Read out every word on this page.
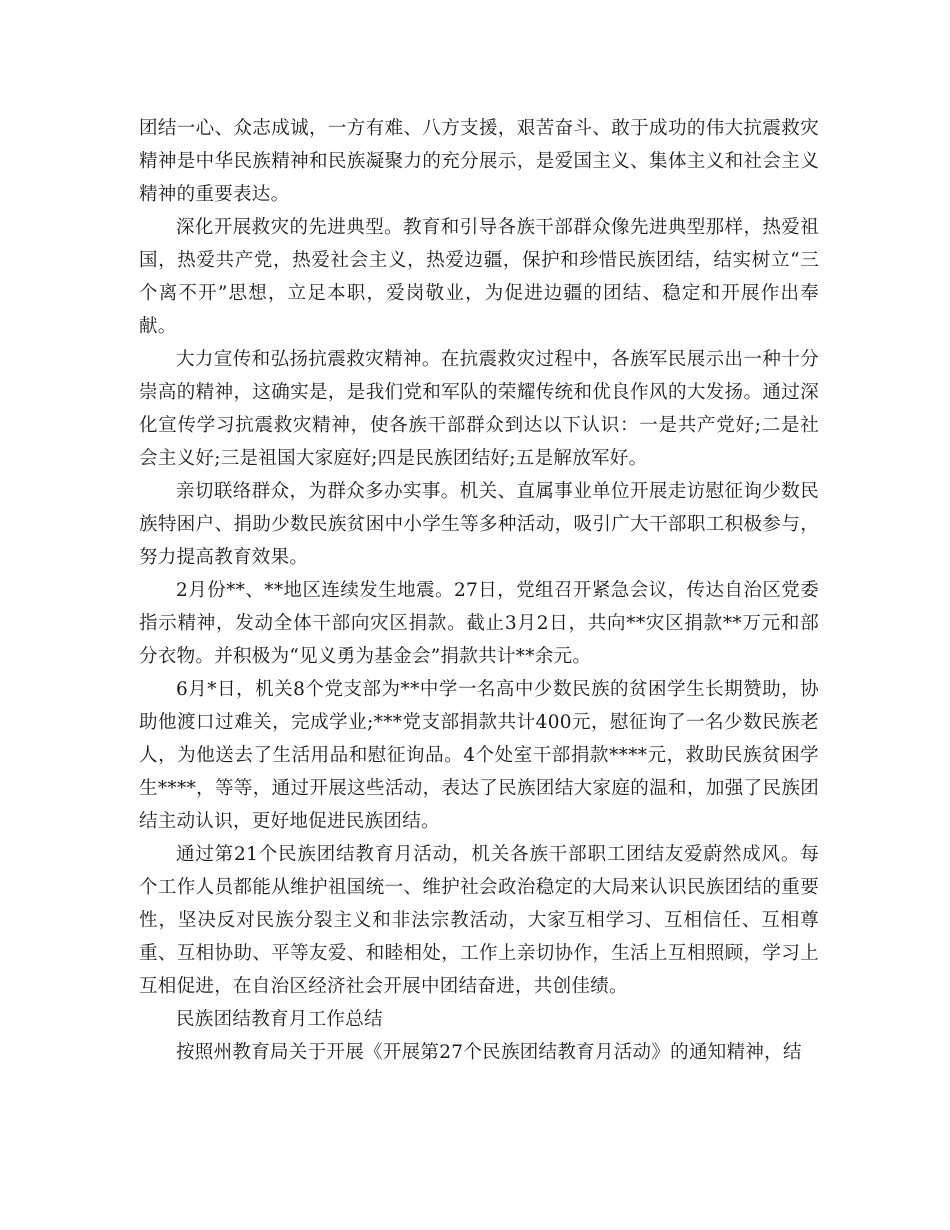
团结一心、众志成诚，一方有难、八方支援，艰苦奋斗、敢于成功的伟大抗震救灾精神是中华民族精神和民族凝聚力的充分展示，是爱国主义、集体主义和社会主义精神的重要表达。

深化开展救灾的先进典型。教育和引导各族干部群众像先进典型那样，热爱祖国，热爱共产党，热爱社会主义，热爱边疆，保护和珍惜民族团结，结实树立“三个离不开”思想，立足本职，爱岗敬业，为促进边疆的团结、稳定和开展作出奉献。

大力宣传和弘扬抗震救灾精神。在抗震救灾过程中，各族军民展示出一种十分崇高的精神，这确实是，是我们党和军队的荣耀传统和优良作风的大发扬。通过深化宣传学习抗震救灾精神，使各族干部群众到达以下认识：一是共产党好;二是社会主义好;三是祖国大家庭好;四是民族团结好;五是解放军好。

亲切联络群众，为群众多办实事。机关、直属事业单位开展走访慰征询少数民族特困户、捐助少数民族贫困中小学生等多种活动，吸引广大干部职工积极参与，努力提高教育效果。

2月份**、**地区连续发生地震。27日，党组召开紧急会议，传达自治区党委指示精神，发动全体干部向灾区捐款。截止3月2日，共向**灾区捐款**万元和部分衣物。并积极为“见义勇为基金会”捐款共计**余元。

6月*日，机关8个党支部为**中学一名高中少数民族的贫困学生长期赞助，协助他渡口过难关，完成学业;***党支部捐款共计400元，慰征询了一名少数民族老人，为他送去了生活用品和慰征询品。4个处室干部捐款****元，救助民族贫困学生****，等等，通过开展这些活动，表达了民族团结大家庭的温和，加强了民族团结主动认识，更好地促进民族团结。

通过第21个民族团结教育月活动，机关各族干部职工团结友爱蔚然成风。每个工作人员都能从维护祖国统一、维护社会政治稳定的大局来认识民族团结的重要性，坚决反对民族分裂主义和非法宗教活动，大家互相学习、互相信任、互相尊重、互相协助、平等友爱、和睦相处，工作上亲切协作，生活上互相照顾，学习上互相促进，在自治区经济社会开展中团结奋进，共创佳绩。

民族团结教育月工作总结

按照州教育局关于开展《开展第27个民族团结教育月活动》的通知精神，结
